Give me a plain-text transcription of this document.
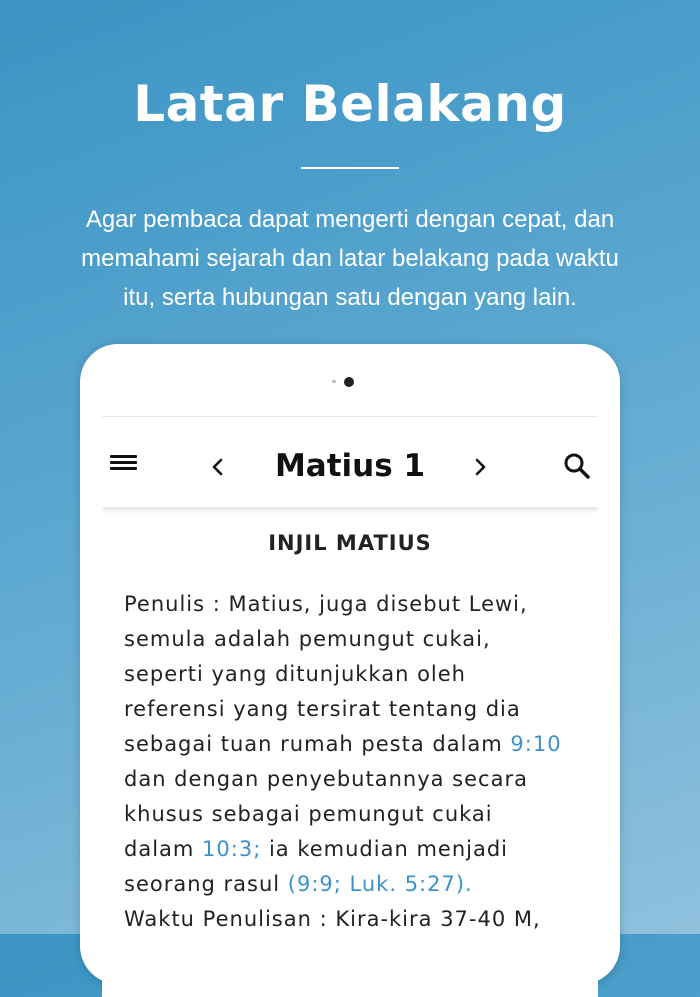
Latar Belakang
Agar pembaca dapat mengerti dengan cepat, dan
memahami sejarah dan latar belakang pada waktu
itu, serta hubungan satu dengan yang lain.
Matius 1
INJIL MATIUS
Penulis : Matius, juga disebut Lewi,
semula adalah pemungut cukai,
seperti yang ditunjukkan oleh
referensi yang tersirat tentang dia
sebagai tuan rumah pesta dalam 9:10
dan dengan penyebutannya secara
khusus sebagai pemungut cukai
dalam 10:3; ia kemudian menjadi
seorang rasul (9:9; Luk. 5:27).
Waktu Penulisan : Kira-kira 37-40 M,
